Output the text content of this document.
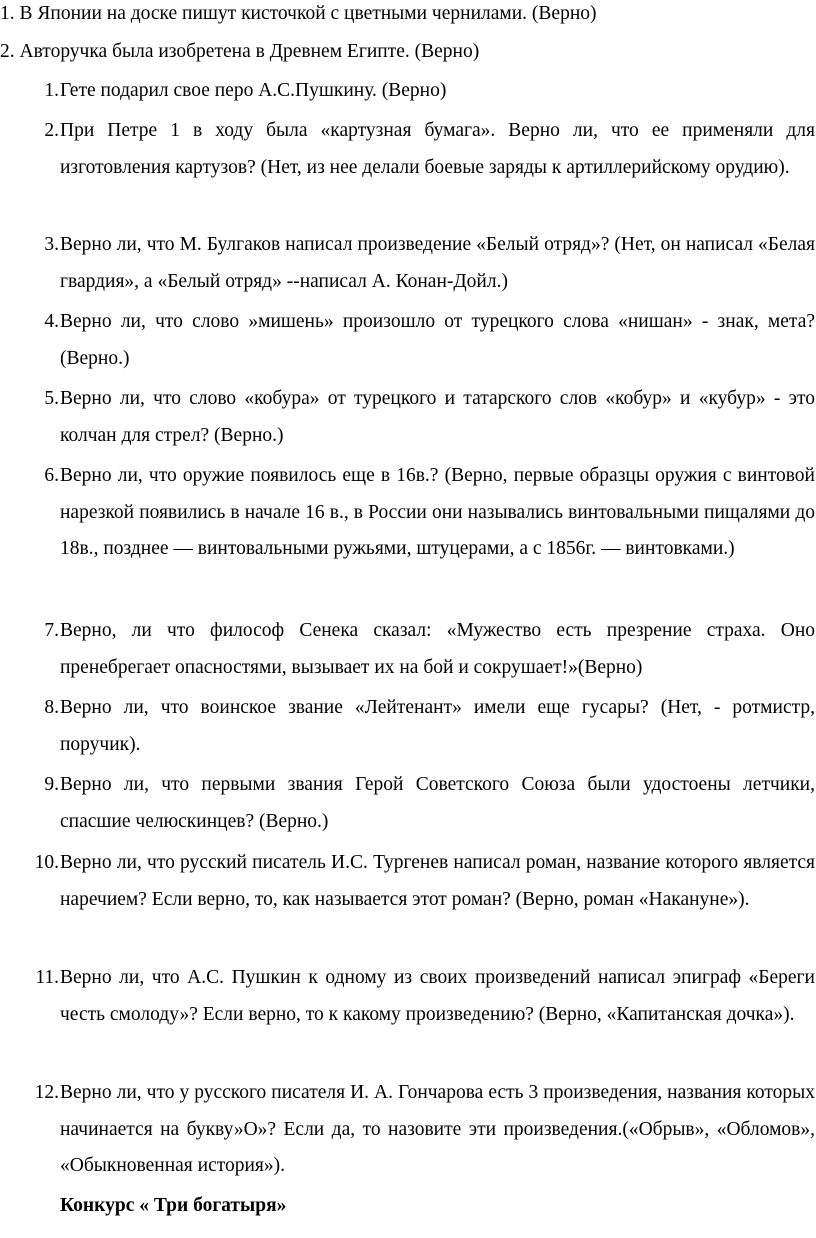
1. В Японии на доске пишут кисточкой с цветными чернилами. (Верно)
2. Авторучка была изобретена в Древнем Египте. (Верно)
1. Гете подарил свое перо А.С.Пушкину. (Верно)
2. При Петре 1 в ходу была «картузная бумага». Верно ли, что ее применяли для изготовления картузов? (Нет, из нее делали боевые заряды к артиллерийскому орудию).
3. Верно ли, что М. Булгаков написал произведение «Белый отряд»? (Нет, он написал «Белая гвардия», а «Белый отряд» --написал А. Конан-Дойл.)
4. Верно ли, что слово »мишень» произошло от турецкого слова «нишан» - знак, мета? (Верно.)
5. Верно ли, что слово «кобура» от турецкого и татарского слов «кобур» и «кубур» - это колчан для стрел? (Верно.)
6. Верно ли, что оружие появилось еще в 16в.? (Верно, первые образцы оружия с винтовой нарезкой появились в начале 16 в., в России они назывались винтовальными пищалями до 18в., позднее — винтовальными ружьями, штуцерами, а с 1856г. — винтовками.)
7. Верно, ли что философ Сенека сказал: «Мужество есть презрение страха. Оно пренебрегает опасностями, вызывает их на бой и сокрушает!»(Верно)
8. Верно ли, что воинское звание «Лейтенант» имели еще гусары? (Нет, - ротмистр, поручик).
9. Верно ли, что первыми звания Герой Советского Союза были удостоены летчики, спасшие челюскинцев? (Верно.)
10. Верно ли, что русский писатель И.С. Тургенев написал роман, название которого является наречием? Если верно, то, как называется этот роман? (Верно, роман «Накануне»).
11. Верно ли, что А.С. Пушкин к одному из своих произведений написал эпиграф «Береги честь смолоду»? Если верно, то к какому произведению? (Верно, «Капитанская дочка»).
12. Верно ли, что у русского писателя И. А. Гончарова есть 3 произведения, названия которых начинается на букву»О»? Если да, то назовите эти произведения.(«Обрыв», «Обломов», «Обыкновенная история»).
Конкурс « Три богатыря»
